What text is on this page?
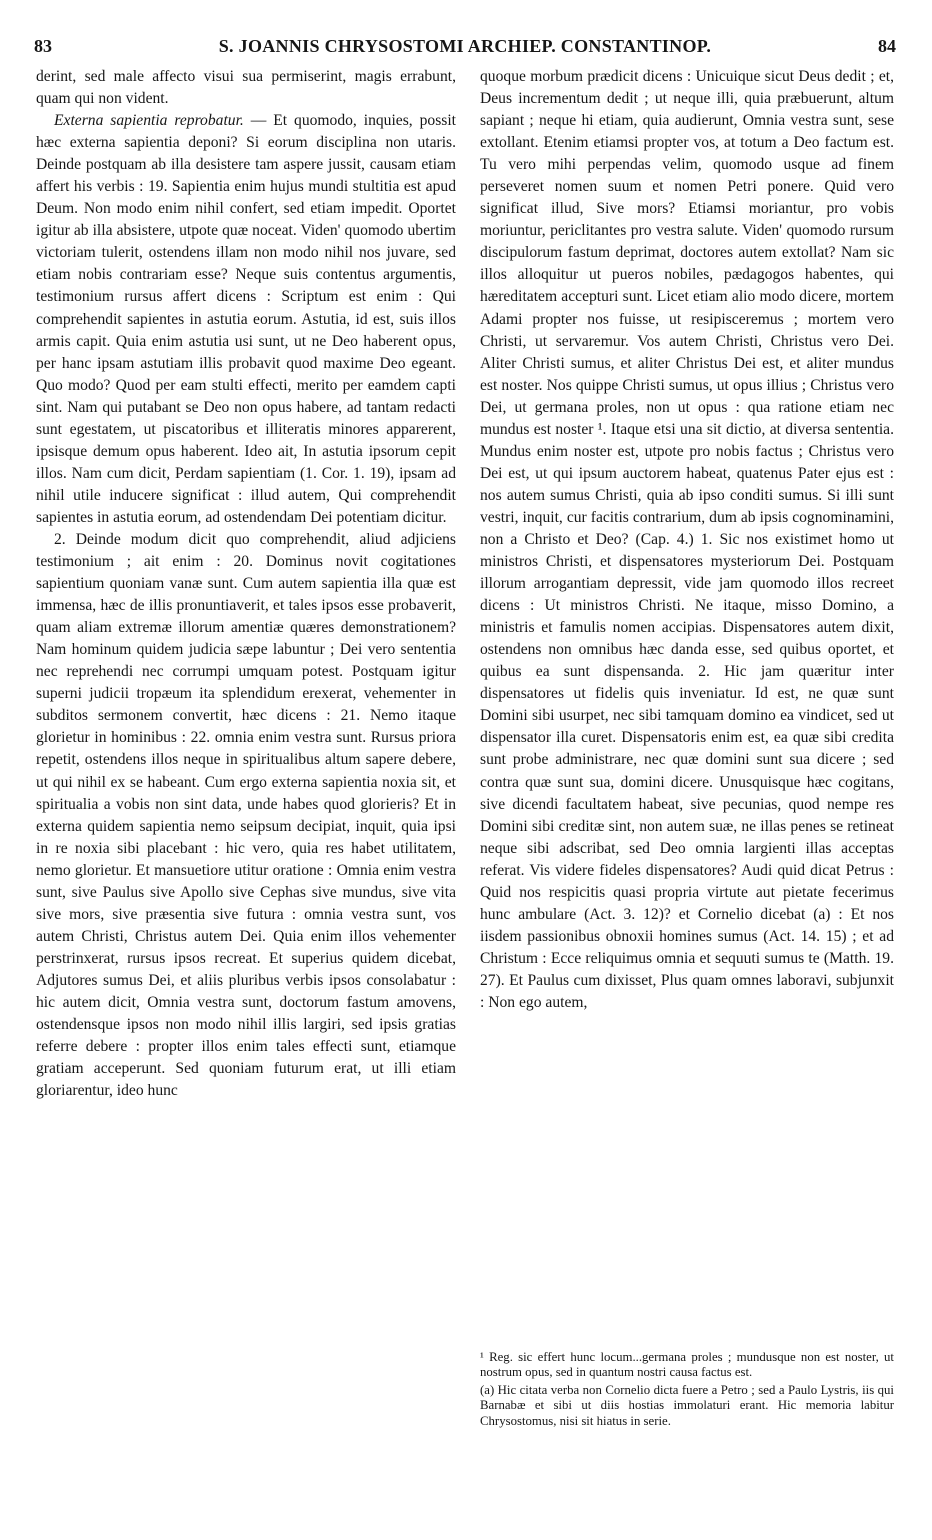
83	S. JOANNIS CHRYSOSTOMI ARCHIEP. CONSTANTINOP.	84

derint, sed male affecto visui sua permiserint, magis errabunt, quam qui non vident.

Externa sapientia reprobatur. — Et quomodo, inquies, possit hæc externa sapientia deponi? Si eorum disciplina non utaris. Deinde postquam ab illa desistere tam aspere jussit, causam etiam affert his verbis : 19. Sapientia enim hujus mundi stultitia est apud Deum. Non modo enim nihil confert, sed etiam impedit. Oportet igitur ab illa absistere, utpote quæ noceat. Viden' quomodo ubertim victoriam tulerit, ostendens illam non modo nihil nos juvare, sed etiam nobis contrariam esse? Neque suis contentus argumentis, testimonium rursus affert dicens : Scriptum est enim : Qui comprehendit sapientes in astutia eorum. Astutia, id est, suis illos armis capit. Quia enim astutia usi sunt, ut ne Deo haberent opus, per hanc ipsam astutiam illis probavit quod maxime Deo egeant. Quo modo? Quod per eam stulti effecti, merito per eamdem capti sint. Nam qui putabant se Deo non opus habere, ad tantam redacti sunt egestatem, ut piscatoribus et illiteratis minores apparerent, ipsisque demum opus haberent. Ideo ait, In astutia ipsorum cepit illos. Nam cum dicit, Perdam sapientiam (1. Cor. 1. 19), ipsam ad nihil utile inducere significat : illud autem, Qui comprehendit sapientes in astutia eorum, ad ostendendam Dei potentiam dicitur.

2. Deinde modum dicit quo comprehendit, aliud adjiciens testimonium ; ait enim : 20. Dominus novit cogitationes sapientium quoniam vanæ sunt. Cum autem sapientia illa quæ est immensa, hæc de illis pronuntiaverit, et tales ipsos esse probaverit, quam aliam extremæ illorum amentiæ quæres demonstrationem? Nam hominum quidem judicia sæpe labuntur ; Dei vero sententia nec reprehendi nec corrumpi umquam potest. Postquam igitur superni judicii tropæum ita splendidum erexerat, vehementer in subditos sermonem convertit, hæc dicens : 21. Nemo itaque glorietur in hominibus : 22. omnia enim vestra sunt. Rursus priora repetit, ostendens illos neque in spiritualibus altum sapere debere, ut qui nihil ex se habeant. Cum ergo externa sapientia noxia sit, et spiritualia a vobis non sint data, unde habes quod glorieris? Et in externa quidem sapientia nemo seipsum decipiat, inquit, quia ipsi in re noxia sibi placebant : hic vero, quia res habet utilitatem, nemo glorietur. Et mansuetiore utitur oratione : Omnia enim vestra sunt, sive Paulus sive Apollo sive Cephas sive mundus, sive vita sive mors, sive præsentia sive futura : omnia vestra sunt, vos autem Christi, Christus autem Dei. Quia enim illos vehementer perstrinxerat, rursus ipsos recreat. Et superius quidem dicebat, Adjutores sumus Dei, et aliis pluribus verbis ipsos consolabatur : hic autem dicit, Omnia vestra sunt, doctorum fastum amovens, ostendensque ipsos non modo nihil illis largiri, sed ipsis gratias referre debere : propter illos enim tales effecti sunt, etiamque gratiam acceperunt. Sed quoniam futurum erat, ut illi etiam gloriarentur, ideo hunc

quoque morbum prædicit dicens : Unicuique sicut Deus dedit ; et, Deus incrementum dedit ; ut neque illi, quia præbuerunt, altum sapiant ; neque hi etiam, quia audierunt, Omnia vestra sunt, sese extollant. Etenim etiamsi propter vos, at totum a Deo factum est. Tu vero mihi perpendas velim, quomodo usque ad finem perseveret nomen suum et nomen Petri ponere. Quid vero significat illud, Sive mors? Etiamsi moriantur, pro vobis moriuntur, periclitantes pro vestra salute. Viden' quomodo rursum discipulorum fastum deprimat, doctores autem extollat? Nam sic illos alloquitur ut pueros nobiles, pædagogos habentes, qui hæreditatem accepturi sunt. Licet etiam alio modo dicere, mortem Adami propter nos fuisse, ut resipisceremus ; mortem vero Christi, ut servaremur. Vos autem Christi, Christus vero Dei. Aliter Christi sumus, et aliter Christus Dei est, et aliter mundus est noster. Nos quippe Christi sumus, ut opus illius ; Christus vero Dei, ut germana proles, non ut opus : qua ratione etiam nec mundus est noster ¹. Itaque etsi una sit dictio, at diversa sententia. Mundus enim noster est, utpote pro nobis factus ; Christus vero Dei est, ut qui ipsum auctorem habeat, quatenus Pater ejus est : nos autem sumus Christi, quia ab ipso conditi sumus. Si illi sunt vestri, inquit, cur facitis contrarium, dum ab ipsis cognominamini, non a Christo et Deo? (Cap. 4.) 1. Sic nos existimet homo ut ministros Christi, et dispensatores mysteriorum Dei. Postquam illorum arrogantiam depressit, vide jam quomodo illos recreet dicens : Ut ministros Christi. Ne itaque, misso Domino, a ministris et famulis nomen accipias. Dispensatores autem dixit, ostendens non omnibus hæc danda esse, sed quibus oportet, et quibus ea sunt dispensanda. 2. Hic jam quæritur inter dispensatores ut fidelis quis inveniatur. Id est, ne quæ sunt Domini sibi usurpet, nec sibi tamquam domino ea vindicet, sed ut dispensator illa curet. Dispensatoris enim est, ea quæ sibi credita sunt probe administrare, nec quæ domini sunt sua dicere ; sed contra quæ sunt sua, domini dicere. Unusquisque hæc cogitans, sive dicendi facultatem habeat, sive pecunias, quod nempe res Domini sibi creditæ sint, non autem suæ, ne illas penes se retineat neque sibi adscribat, sed Deo omnia largienti illas acceptas referat. Vis videre fideles dispensatores? Audi quid dicat Petrus : Quid nos respicitis quasi propria virtute aut pietate fecerimus hunc ambulare (Act. 3. 12)? et Cornelio dicebat (a) : Et nos iisdem passionibus obnoxii homines sumus (Act. 14. 15) ; et ad Christum : Ecce reliquimus omnia et sequuti sumus te (Matth. 19. 27). Et Paulus cum dixisset, Plus quam omnes laboravi, subjunxit : Non ego autem,

¹ Reg. sic effert hunc locum...germana proles ; mundusque non est noster, ut nostrum opus, sed in quantum nostri causa factus est.

(a) Hic citata verba non Cornelio dicta fuere a Petro ; sed a Paulo Lystris, iis qui Barnabæ et sibi ut diis hostias immolaturi erant. Hic memoria labitur Chrysostomus, nisi sit hiatus in serie.
